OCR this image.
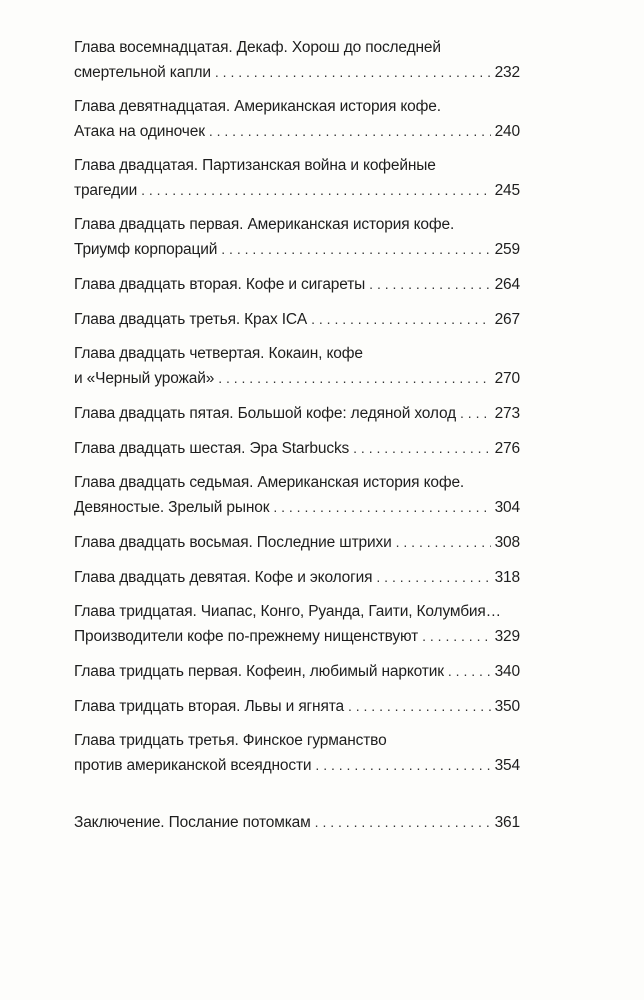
Глава восемнадцатая. Декаф. Хорош до последней
смертельной капли . . .	232
Глава девятнадцатая. Американская история кофе.
Атака на одиночек . . .	240
Глава двадцатая. Партизанская война и кофейные
трагедии . . .	245
Глава двадцать первая. Американская история кофе.
Триумф корпораций . . .	259
Глава двадцать вторая. Кофе и сигареты . . .	264
Глава двадцать третья. Крах ICA . . .	267
Глава двадцать четвертая. Кокаин, кофе
и «Черный урожай» . . .	270
Глава двадцать пятая. Большой кофе: ледяной холод . . . 273
Глава двадцать шестая. Эра Starbucks . . .	276
Глава двадцать седьмая. Американская история кофе.
Девяностые. Зрелый рынок . . .	304
Глава двадцать восьмая. Последние штрихи . . .	308
Глава двадцать девятая. Кофе и экология . . .	318
Глава тридцатая. Чиапас, Конго, Руанда, Гаити, Колумбия…
Производители кофе по-прежнему нищенствуют . . .	329
Глава тридцать первая. Кофеин, любимый наркотик . . .	340
Глава тридцать вторая. Львы и ягнята . . .	350
Глава тридцать третья. Финское гурманство
против американской всеядности . . .	354
Заключение. Послание потомкам . . .	361
